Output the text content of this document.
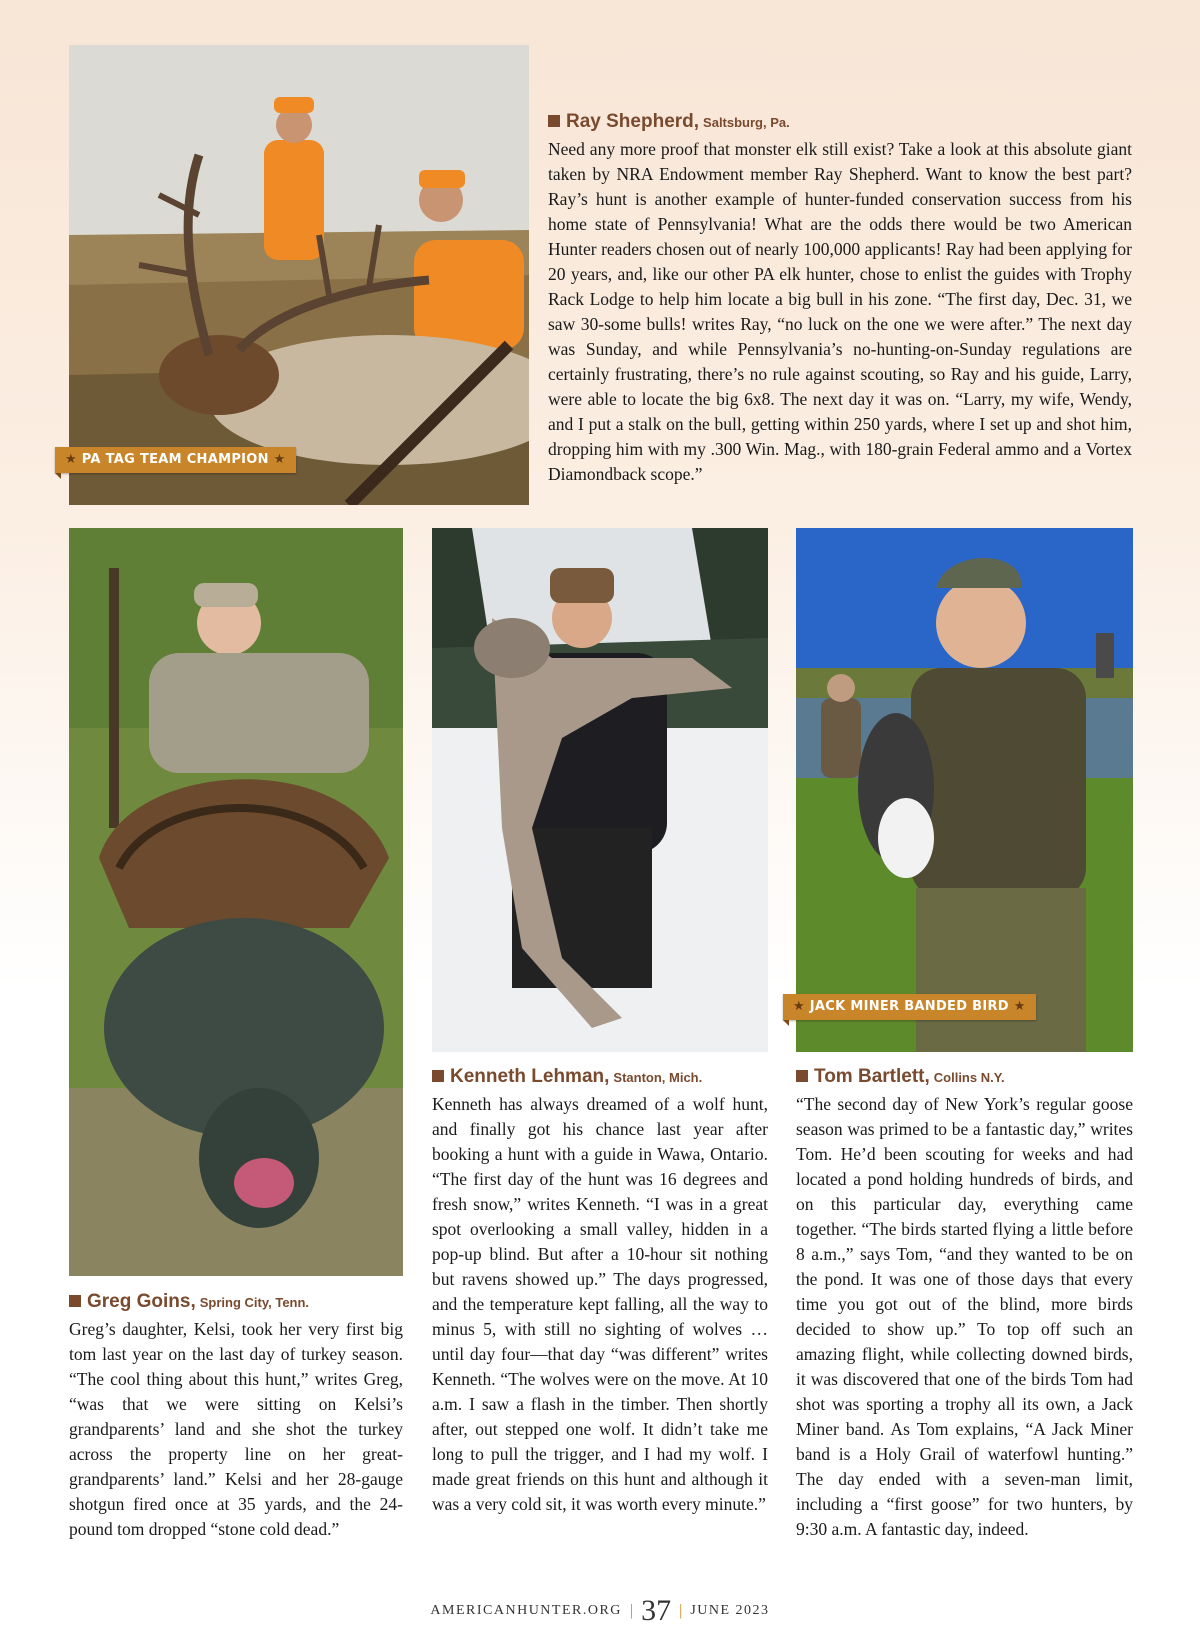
★ PA TAG TEAM CHAMPION ★
Ray Shepherd, Saltsburg, Pa.

Need any more proof that monster elk still exist? Take a look at this absolute giant taken by NRA Endowment member Ray Shepherd. Want to know the best part? Ray’s hunt is another example of hunter-funded conservation success from his home state of Pennsylvania! What are the odds there would be two American Hunter readers chosen out of nearly 100,000 applicants! Ray had been applying for 20 years, and, like our other PA elk hunter, chose to enlist the guides with Trophy Rack Lodge to help him locate a big bull in his zone. “The first day, Dec. 31, we saw 30-some bulls! writes Ray, “no luck on the one we were after.” The next day was Sunday, and while Pennsylvania’s no-hunting-on-Sunday regulations are certainly frustrating, there’s no rule against scouting, so Ray and his guide, Larry, were able to locate the big 6x8. The next day it was on. “Larry, my wife, Wendy, and I put a stalk on the bull, getting within 250 yards, where I set up and shot him, dropping him with my .300 Win. Mag., with 180-grain Federal ammo and a Vortex Diamondback scope.”

★ JACK MINER BANDED BIRD ★
Greg Goins, Spring City, Tenn.

Greg’s daughter, Kelsi, took her very first big tom last year on the last day of turkey season. “The cool thing about this hunt,” writes Greg, “was that we were sitting on Kelsi’s grandparents’ land and she shot the turkey across the property line on her great-grandparents’ land.” Kelsi and her 28-gauge shotgun fired once at 35 yards, and the 24-pound tom dropped “stone cold dead.”

Kenneth Lehman, Stanton, Mich.

Kenneth has always dreamed of a wolf hunt, and finally got his chance last year after booking a hunt with a guide in Wawa, Ontario. “The first day of the hunt was 16 degrees and fresh snow,” writes Kenneth. “I was in a great spot overlooking a small valley, hidden in a pop-up blind. But after a 10-hour sit nothing but ravens showed up.” The days progressed, and the temperature kept falling, all the way to minus 5, with still no sighting of wolves … until day four—that day “was different” writes Kenneth. “The wolves were on the move. At 10 a.m. I saw a flash in the timber. Then shortly after, out stepped one wolf. It didn’t take me long to pull the trigger, and I had my wolf. I made great friends on this hunt and although it was a very cold sit, it was worth every minute.”

Tom Bartlett, Collins N.Y.

“The second day of New York’s regular goose season was primed to be a fantastic day,” writes Tom. He’d been scouting for weeks and had located a pond holding hundreds of birds, and on this particular day, everything came together. “The birds started flying a little before 8 a.m.,” says Tom, “and they wanted to be on the pond. It was one of those days that every time you got out of the blind, more birds decided to show up.” To top off such an amazing flight, while collecting downed birds, it was discovered that one of the birds Tom had shot was sporting a trophy all its own, a Jack Miner band. As Tom explains, “A Jack Miner band is a Holy Grail of waterfowl hunting.” The day ended with a seven-man limit, including a “first goose” for two hunters, by 9:30 a.m. A fantastic day, indeed.

AMERICANHUNTER.ORG | 37 | JUNE 2023
